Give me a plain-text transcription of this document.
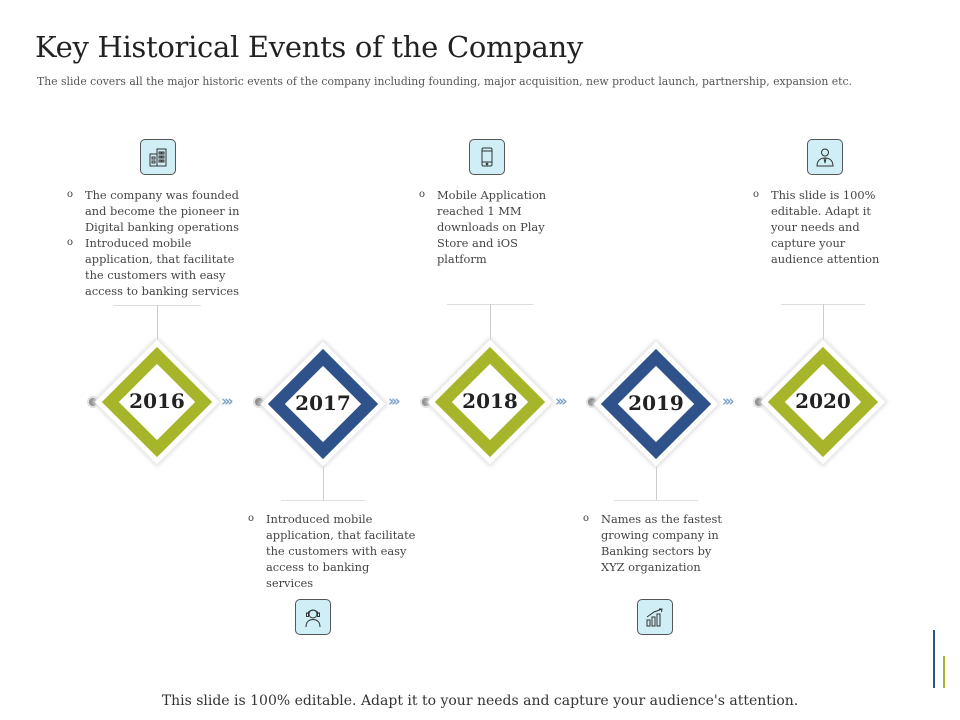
Key Historical Events of the Company
The slide covers all the major historic events of the company including founding, major acquisition, new product launch, partnership, expansion etc.
o The company was founded and become the pioneer in Digital banking operations
o Introduced mobile application, that facilitate the customers with easy access to banking services
o Mobile Application reached 1 MM downloads on Play Store and iOS platform
o This slide is 100% editable. Adapt it your needs and capture your audience attention
o Introduced mobile application, that facilitate the customers with easy access to banking services
o Names as the fastest growing company in Banking sectors by XYZ organization
›››	›››	›››	›››
2016	2017	2018	2019	2020
This slide is 100% editable. Adapt it to your needs and capture your audience's attention.
